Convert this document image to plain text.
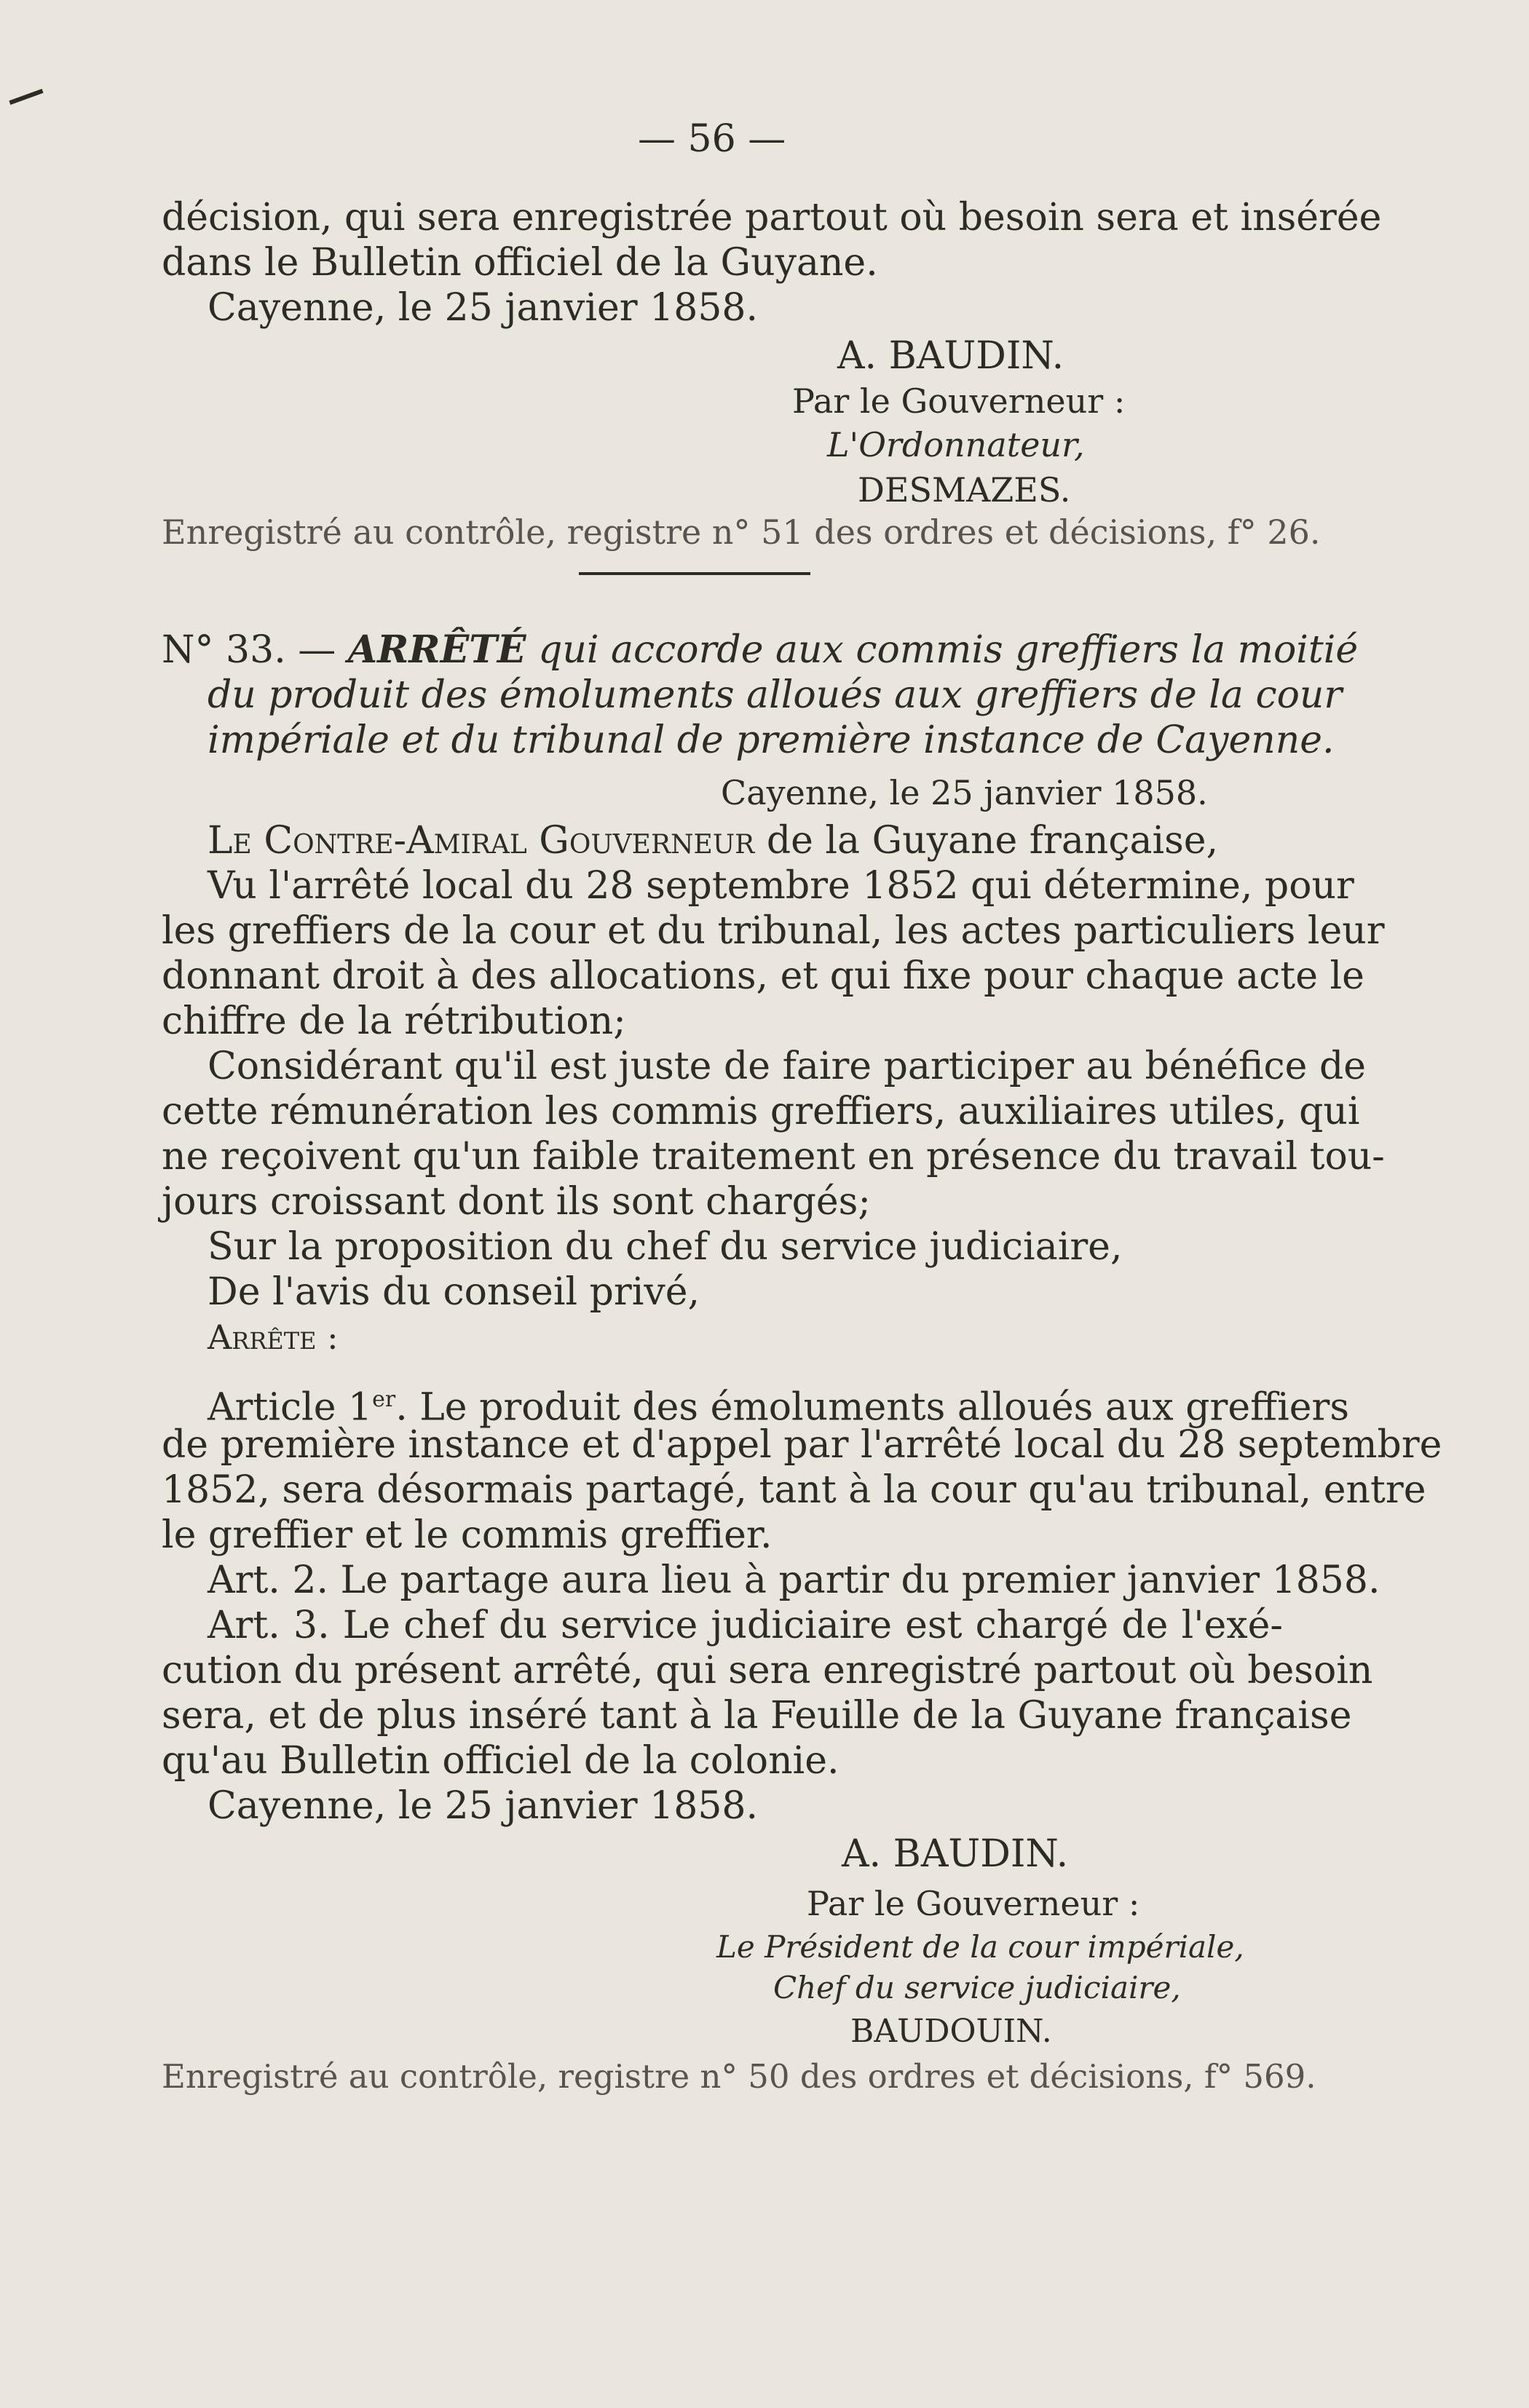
— 56 —
décision, qui sera enregistrée partout où besoin sera et insérée
dans le Bulletin officiel de la Guyane.
Cayenne, le 25 janvier 1858.
A. BAUDIN.
Par le Gouverneur :
L'Ordonnateur,
DESMAZES.
Enregistré au contrôle, registre n° 51 des ordres et décisions, f° 26.
N° 33. — ARRÊTÉ qui accorde aux commis greffiers la moitié
du produit des émoluments alloués aux greffiers de la cour
impériale et du tribunal de première instance de Cayenne.
Cayenne, le 25 janvier 1858.
Le Contre-Amiral Gouverneur de la Guyane française,
Vu l'arrêté local du 28 septembre 1852 qui détermine, pour
les greffiers de la cour et du tribunal, les actes particuliers leur
donnant droit à des allocations, et qui fixe pour chaque acte le
chiffre de la rétribution;
Considérant qu'il est juste de faire participer au bénéfice de
cette rémunération les commis greffiers, auxiliaires utiles, qui
ne reçoivent qu'un faible traitement en présence du travail tou-
jours croissant dont ils sont chargés;
Sur la proposition du chef du service judiciaire,
De l'avis du conseil privé,
Arrête :
Article 1er. Le produit des émoluments alloués aux greffiers
de première instance et d'appel par l'arrêté local du 28 septembre
1852, sera désormais partagé, tant à la cour qu'au tribunal, entre
le greffier et le commis greffier.
Art. 2. Le partage aura lieu à partir du premier janvier 1858.
Art. 3. Le chef du service judiciaire est chargé de l'exé-
cution du présent arrêté, qui sera enregistré partout où besoin
sera, et de plus inséré tant à la Feuille de la Guyane française
qu'au Bulletin officiel de la colonie.
Cayenne, le 25 janvier 1858.
A. BAUDIN.
Par le Gouverneur :
Le Président de la cour impériale,
Chef du service judiciaire,
BAUDOUIN.
Enregistré au contrôle, registre n° 50 des ordres et décisions, f° 569.
